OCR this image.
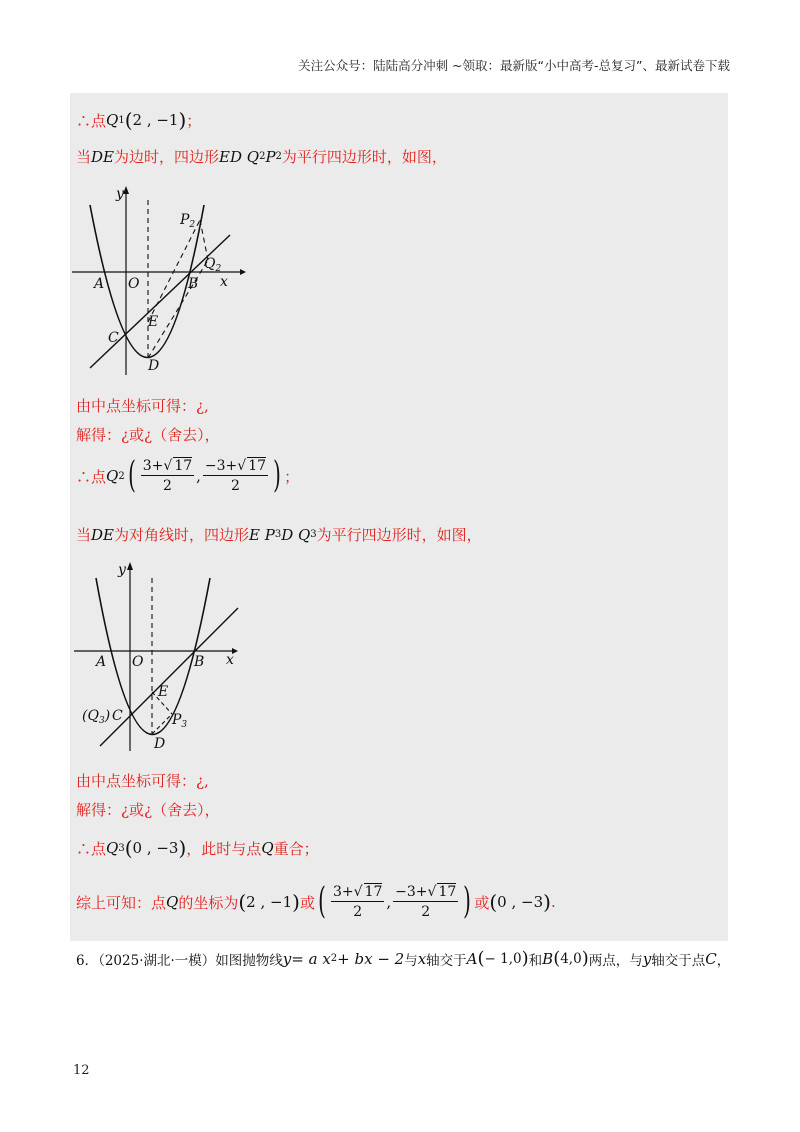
关注公众号：陆陆高分冲刺 ~领取：最新版“小中高考-总复习”、最新试卷下载
∴点 Q 1 ( 2 , −1 ) ；
当 DE 为边时，四边形 ED Q 2 P 2 为平行四边形时，如图，
y
x
A O	B
C
E
D
$P_2$
$Q_2$
由中点坐标可得：¿,
解得：¿或¿（舍去），
∴点 Q 2 ( $\frac{3+√ 17}{2}$ , $\frac{-3+√ 17}{2}$ ) ；
当 DE 为对角线时，四边形 E P 3 D Q 3 为平行四边形时，如图，
y
x
A O	B
C
$(Q_3)$
E
D
$P_3$
由中点坐标可得：¿,
解得：¿或¿（舍去），
∴点 Q 3 ( 0 , −3 ) ，此时与点 Q 重合；
综上可知：点 Q 的坐标为 ( 2 , −1 ) 或 ( $\frac{3+√ 17}{2}$ , $\frac{-3+√ 17}{2}$ ) 或 ( 0 , −3 ) .
6．（2025·湖北·一模）如图抛物线 y = a x 2 + bx − 2 与 x 轴交于 A ( − 1,0 ) 和 B ( 4,0 ) 两点，与 y 轴交于点 C ，
12
